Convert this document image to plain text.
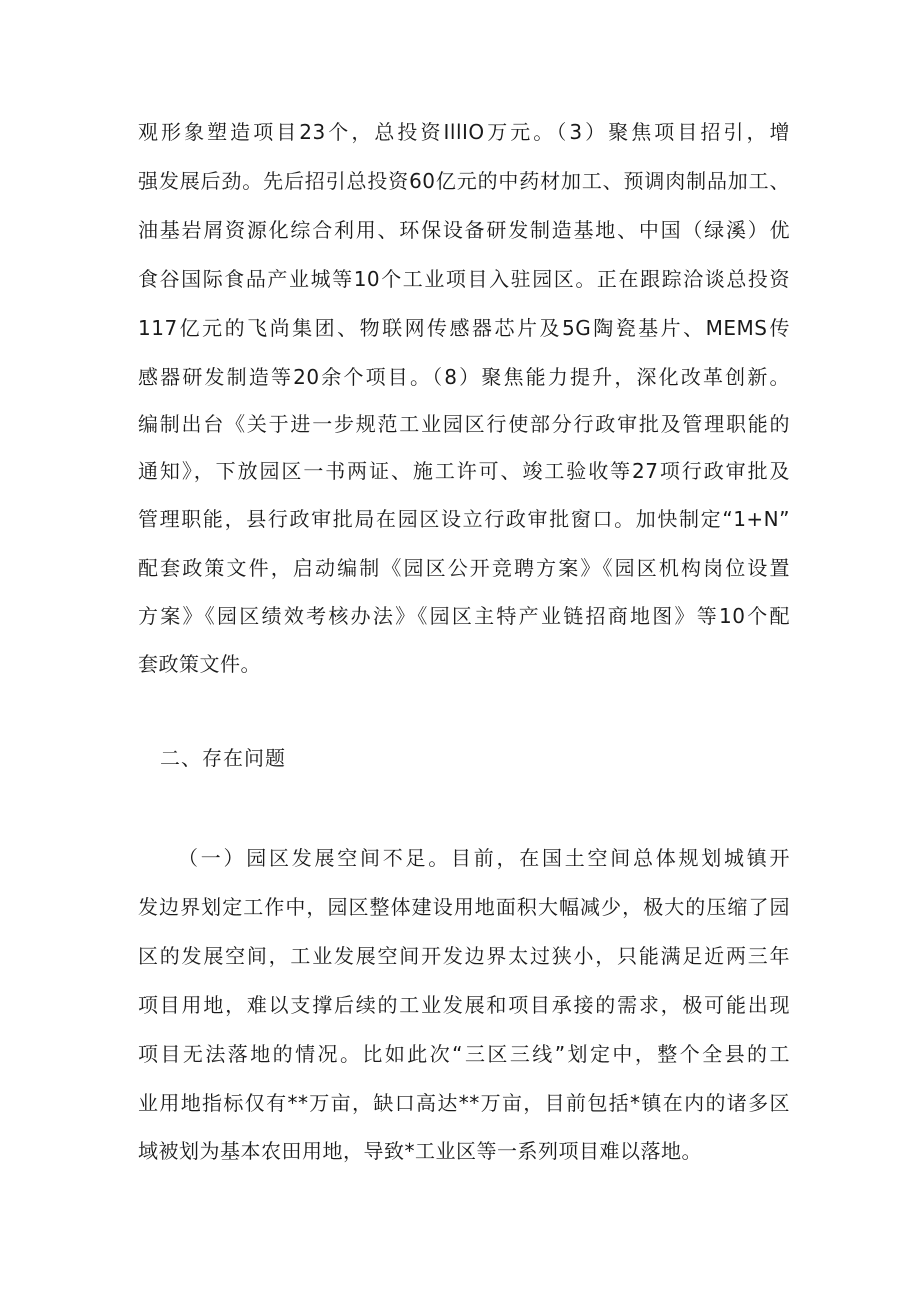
观形象塑造项目23个，总投资IllIO万元。（3）聚焦项目招引，增
强发展后劲。先后招引总投资60亿元的中药材加工、预调肉制品加工、
油基岩屑资源化综合利用、环保设备研发制造基地、中国（绿溪）优
食谷国际食品产业城等10个工业项目入驻园区。正在跟踪洽谈总投资
117亿元的飞尚集团、物联网传感器芯片及5G陶瓷基片、MEMS传
感器研发制造等20余个项目。（8）聚焦能力提升，深化改革创新。
编制出台《关于进一步规范工业园区行使部分行政审批及管理职能的
通知》，下放园区一书两证、施工许可、竣工验收等27项行政审批及
管理职能，县行政审批局在园区设立行政审批窗口。加快制定“1+N”
配套政策文件，启动编制《园区公开竞聘方案》《园区机构岗位设置
方案》《园区绩效考核办法》《园区主特产业链招商地图》等10个配
套政策文件。
二、存在问题
（一）园区发展空间不足。目前，在国土空间总体规划城镇开
发边界划定工作中，园区整体建设用地面积大幅减少，极大的压缩了园
区的发展空间，工业发展空间开发边界太过狭小，只能满足近两三年
项目用地，难以支撑后续的工业发展和项目承接的需求，极可能出现
项目无法落地的情况。比如此次“三区三线”划定中，整个全县的工
业用地指标仅有**万亩，缺口高达**万亩，目前包括*镇在内的诸多区
域被划为基本农田用地，导致*工业区等一系列项目难以落地。
